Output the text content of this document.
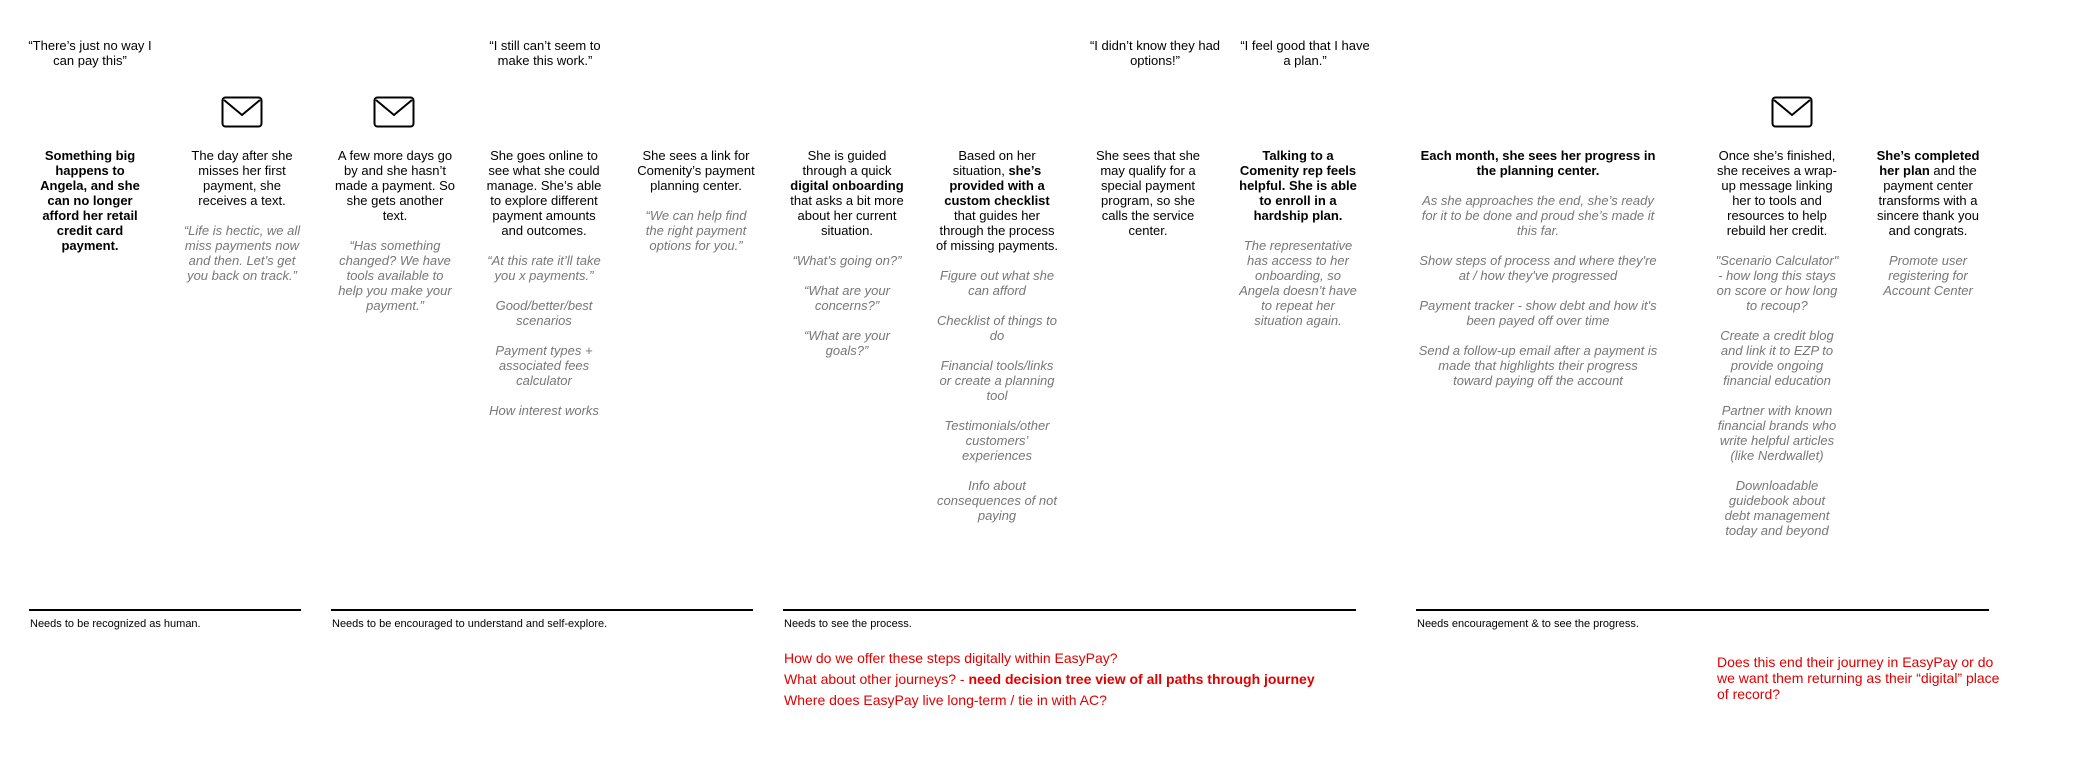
“There’s just no way I can pay this”
“I still can’t seem to make this work.”
“I didn’t know they had options!”
“I feel good that I have a plan.”
Something big happens to Angela, and she can no longer afford her retail credit card payment.
The day after she misses her first payment, she receives a text.
“Life is hectic, we all miss payments now and then. Let’s get you back on track.”
A few more days go by and she hasn’t made a payment. So she gets another text.
“Has something changed? We have tools available to help you make your payment.”
She goes online to see what she could manage. She’s able to explore different payment amounts and outcomes.
“At this rate it’ll take you x payments.”
Good/better/best scenarios
Payment types + associated fees calculator
How interest works
She sees a link for Comenity’s payment planning center.
“We can help find the right payment options for you.”
She is guided through a quick digital onboarding that asks a bit more about her current situation.
“What’s going on?”
“What are your concerns?”
“What are your goals?”
Based on her situation, she’s provided with a custom checklist that guides her through the process of missing payments.
Figure out what she can afford
Checklist of things to do
Financial tools/links or create a planning tool
Testimonials/other customers’ experiences
Info about consequences of not paying
She sees that she may qualify for a special payment program, so she calls the service center.
Talking to a Comenity rep feels helpful. She is able to enroll in a hardship plan.
The representative has access to her onboarding, so Angela doesn’t have to repeat her situation again.
Each month, she sees her progress in the planning center.
As she approaches the end, she’s ready for it to be done and proud she’s made it this far.
Show steps of process and where they're at / how they've progressed
Payment tracker - show debt and how it's been payed off over time
Send a follow-up email after a payment is made that highlights their progress toward paying off the account
Once she’s finished, she receives a wrap-up message linking her to tools and resources to help rebuild her credit.
"Scenario Calculator" - how long this stays on score or how long to recoup?
Create a credit blog and link it to EZP to provide ongoing financial education
Partner with known financial brands who write helpful articles (like Nerdwallet)
Downloadable guidebook about debt management today and beyond
She’s completed her plan and the payment center transforms with a sincere thank you and congrats.
Promote user registering for Account Center
Needs to be recognized as human.	Needs to be encouraged to understand and self-explore.	Needs to see the process.	Needs encouragement & to see the progress.
How do we offer these steps digitally within EasyPay?
What about other journeys? - need decision tree view of all paths through journey
Where does EasyPay live long-term / tie in with AC?
Does this end their journey in EasyPay or do we want them returning as their “digital” place of record?
